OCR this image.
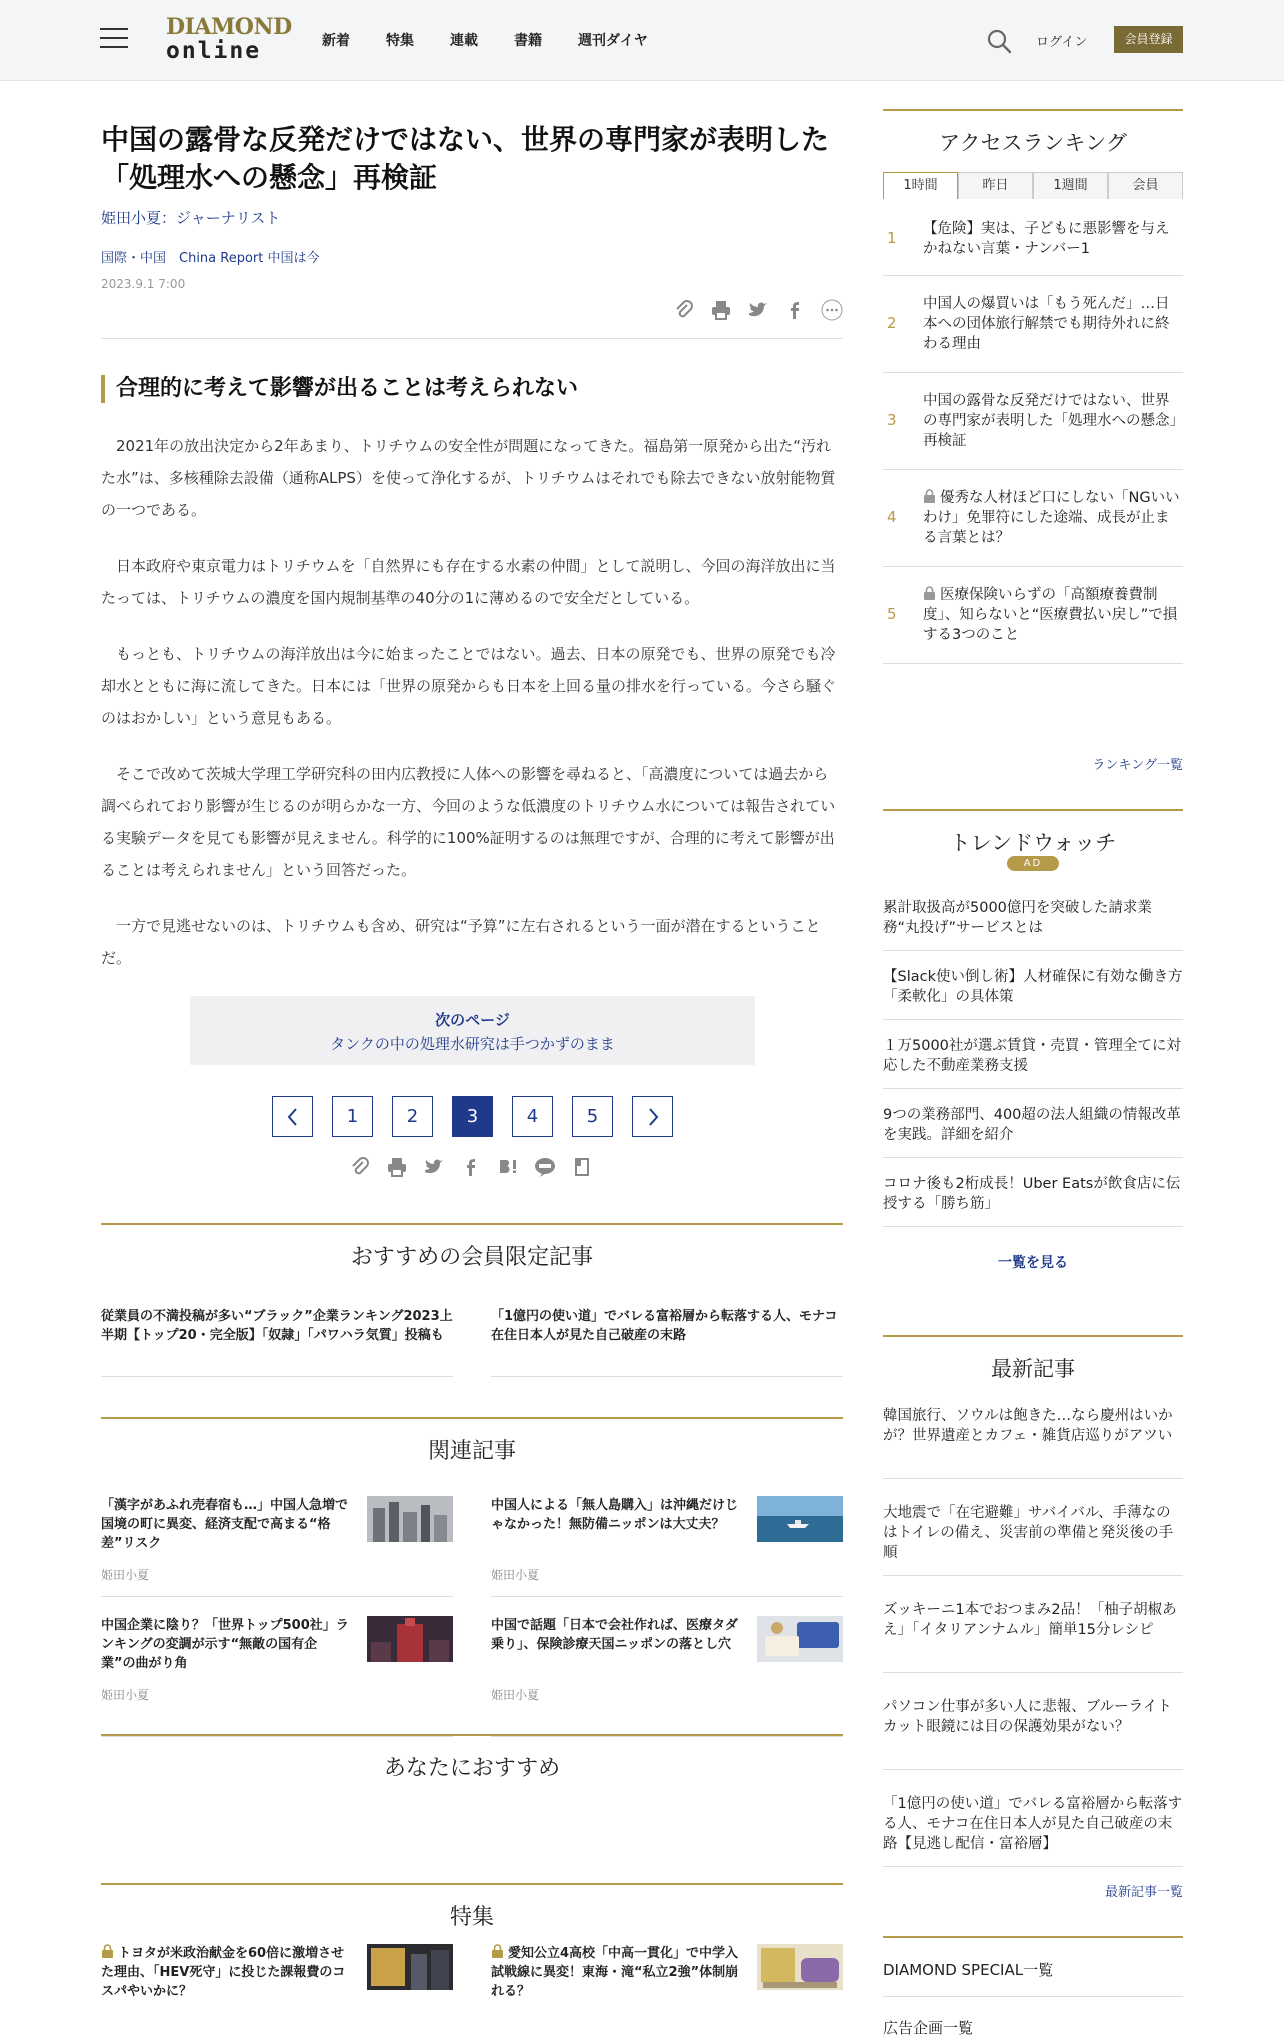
DIAMOND
online	新着	特集	連載	書籍	週刊ダイヤ	ログイン	会員登録
中国の露骨な反発だけではない、世界の専門家が表明した「処理水への懸念」再検証
姫田小夏：ジャーナリスト
国際・中国　China Report 中国は今
2023.9.1 7:00
合理的に考えて影響が出ることは考えられない

2021年の放出決定から2年あまり、トリチウムの安全性が問題になってきた。福島第一原発から出た“汚れた水”は、多核種除去設備（通称ALPS）を使って浄化するが、トリチウムはそれでも除去できない放射能物質の一つである。

日本政府や東京電力はトリチウムを「自然界にも存在する水素の仲間」として説明し、今回の海洋放出に当たっては、トリチウムの濃度を国内規制基準の40分の1に薄めるので安全だとしている。

もっとも、トリチウムの海洋放出は今に始まったことではない。過去、日本の原発でも、世界の原発でも冷却水とともに海に流してきた。日本には「世界の原発からも日本を上回る量の排水を行っている。今さら騒ぐのはおかしい」という意見もある。

そこで改めて茨城大学理工学研究科の田内広教授に人体への影響を尋ねると、「高濃度については過去から調べられており影響が生じるのが明らかな一方、今回のような低濃度のトリチウム水については報告されている実験データを見ても影響が見えません。科学的に100%証明するのは無理ですが、合理的に考えて影響が出ることは考えられません」という回答だった。

一方で見逃せないのは、トリチウムも含め、研究は“予算”に左右されるという一面が潜在するということだ。

次のページ
タンクの中の処理水研究は手つかずのまま
1	2	3	4	5
おすすめの会員限定記事
従業員の不満投稿が多い“ブラック”企業ランキング2023上半期【トップ20・完全版】「奴隷」「パワハラ気質」投稿も
「1億円の使い道」でバレる富裕層から転落する人、モナコ在住日本人が見た自己破産の末路
関連記事
「漢字があふれ売春宿も…」中国人急増で国境の町に異変、経済支配で高まる“格差”リスク
姫田小夏
中国人による「無人島購入」は沖縄だけじゃなかった！無防備ニッポンは大丈夫？
姫田小夏
中国企業に陰り？「世界トップ500社」ランキングの変調が示す“無敵の国有企業”の曲がり角
姫田小夏
中国で話題「日本で会社作れば、医療タダ乗り」、保険診療天国ニッポンの落とし穴
姫田小夏
あなたにおすすめ
特集
トヨタが米政治献金を60倍に激増させた理由、「HEV死守」に投じた課報費のコスパやいかに？
愛知公立4高校「中高一貫化」で中学入試戦線に異変！東海・滝“私立2強”体制崩れる？
アクセスランキング
1時間	昨日	1週間	会員
1 【危険】実は、子どもに悪影響を与えかねない言葉・ナンバー1
2
中国人の爆買いは「もう死んだ」…日本への団体旅行解禁でも期待外れに終わる理由
3
中国の露骨な反発だけではない、世界の専門家が表明した「処理水への懸念」再検証
4
優秀な人材ほど口にしない「NGいいわけ」免罪符にした途端、成長が止まる言葉とは？
5
医療保険いらずの「高額療養費制度」、知らないと“医療費払い戻し”で損する3つのこと
ランキング一覧
トレンドウォッチ
AD
累計取扱高が5000億円を突破した請求業務“丸投げ”サービスとは
【Slack使い倒し術】人材確保に有効な働き方「柔軟化」の具体策
１万5000社が選ぶ賃貸・売買・管理全てに対応した不動産業務支援
9つの業務部門、400超の法人組織の情報改革を実践。詳細を紹介
コロナ後も2桁成長！Uber Eatsが飲食店に伝授する「勝ち筋」
一覧を見る
最新記事
韓国旅行、ソウルは飽きた…なら慶州はいかが？世界遺産とカフェ・雑貨店巡りがアツい
大地震で「在宅避難」サバイバル、手薄なのはトイレの備え、災害前の準備と発災後の手順
ズッキーニ1本でおつまみ2品！「柚子胡椒あえ」「イタリアンナムル」簡単15分レシピ
パソコン仕事が多い人に悲報、ブルーライトカット眼鏡には目の保護効果がない？
「1億円の使い道」でバレる富裕層から転落する人、モナコ在住日本人が見た自己破産の末路【見逃し配信・富裕層】
最新記事一覧
DIAMOND SPECIAL一覧
広告企画一覧
